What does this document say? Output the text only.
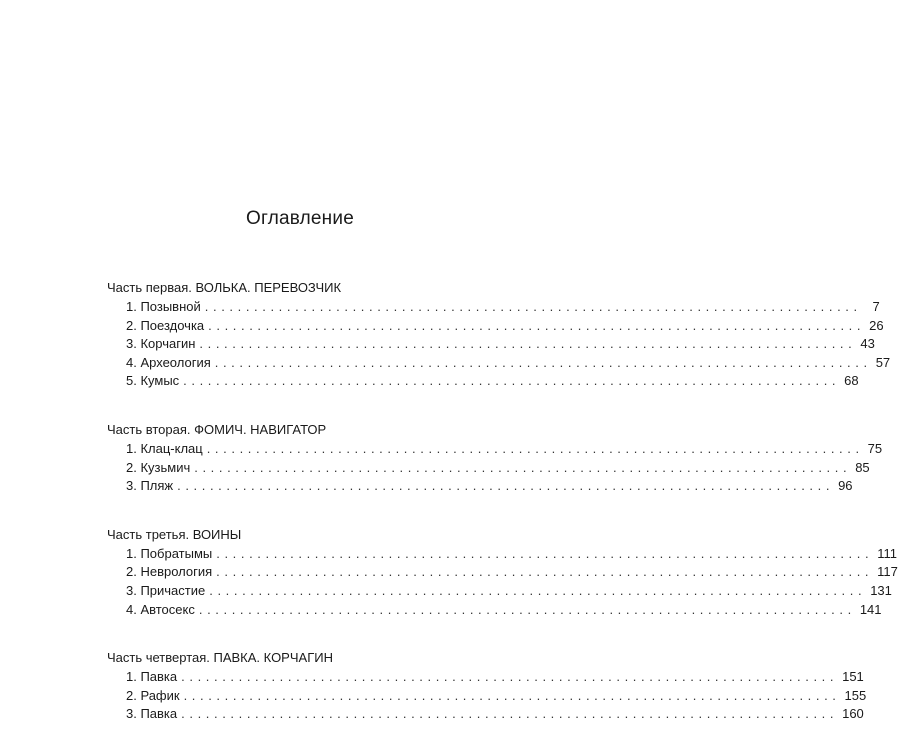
Оглавление
Часть первая. ВОЛЬКА. ПЕРЕВОЗЧИК
1. Позывной ................................................................................ 7
2. Поездочка ................................................................................ 26
3. Корчагин ................................................................................ 43
4. Археология ................................................................................ 57
5. Кумыс ................................................................................ 68
Часть вторая. ФОМИЧ. НАВИГАТОР
1. Клац-клац ................................................................................ 75
2. Кузьмич ................................................................................ 85
3. Пляж ................................................................................ 96
Часть третья. ВОИНЫ
1. Побратымы ................................................................................ 111
2. Неврология ................................................................................ 117
3. Причастие ................................................................................ 131
4. Автосекс ................................................................................ 141
Часть четвертая. ПАВКА. КОРЧАГИН
1. Павка ................................................................................ 151
2. Рафик ................................................................................ 155
3. Павка ................................................................................ 160
